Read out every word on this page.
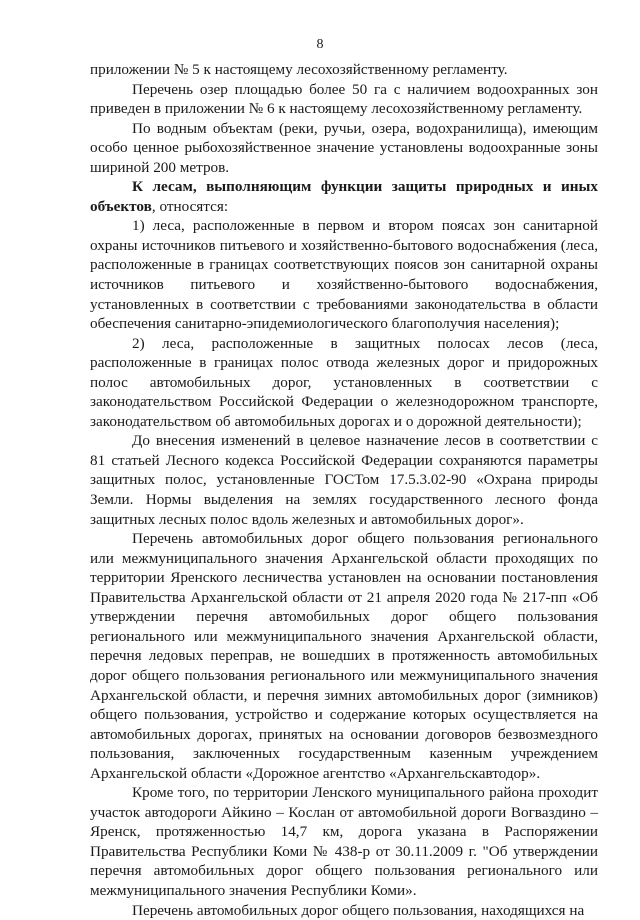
8

приложении № 5 к настоящему лесохозяйственному регламенту.

Перечень озер площадью более 50 га с наличием водоохранных зон приведен в приложении № 6 к настоящему лесохозяйственному регламенту.

По водным объектам (реки, ручьи, озера, водохранилища), имеющим особо ценное рыбохозяйственное значение установлены водоохранные зоны шириной 200 метров.

К лесам, выполняющим функции защиты природных и иных объектов, относятся:

1) леса, расположенные в первом и втором поясах зон санитарной охраны источников питьевого и хозяйственно-бытового водоснабжения (леса, расположенные в границах соответствующих поясов зон санитарной охраны источников питьевого и хозяйственно-бытового водоснабжения, установленных в соответствии с требованиями законодательства в области обеспечения санитарно-эпидемиологического благополучия населения);

2) леса, расположенные в защитных полосах лесов (леса, расположенные в границах полос отвода железных дорог и придорожных полос автомобильных дорог, установленных в соответствии с законодательством Российской Федерации о железнодорожном транспорте, законодательством об автомобильных дорогах и о дорожной деятельности);

До внесения изменений в целевое назначение лесов в соответствии с 81 статьей Лесного кодекса Российской Федерации сохраняются параметры защитных полос, установленные ГОСТом 17.5.3.02-90 «Охрана природы Земли. Нормы выделения на землях государственного лесного фонда защитных лесных полос вдоль железных и автомобильных дорог».

Перечень автомобильных дорог общего пользования регионального или межмуниципального значения Архангельской области проходящих по территории Яренского лесничества установлен на основании постановления Правительства Архангельской области от 21 апреля 2020 года № 217-пп «Об утверждении перечня автомобильных дорог общего пользования регионального или межмуниципального значения Архангельской области, перечня ледовых переправ, не вошедших в протяженность автомобильных дорог общего пользования регионального или межмуниципального значения Архангельской области, и перечня зимних автомобильных дорог (зимников) общего пользования, устройство и содержание которых осуществляется на автомобильных дорогах, принятых на основании договоров безвозмездного пользования, заключенных государственным казенным учреждением Архангельской области «Дорожное агентство «Архангельскавтодор».

Кроме того, по территории Ленского муниципального района проходит участок автодороги Айкино – Кослан от автомобильной дороги Вогваздино – Яренск, протяженностью 14,7 км, дорога указана в Распоряжении Правительства Республики Коми № 438-р от 30.11.2009 г. "Об утверждении перечня автомобильных дорог общего пользования регионального или межмуниципального значения Республики Коми».

Перечень автомобильных дорог общего пользования, находящихся на
